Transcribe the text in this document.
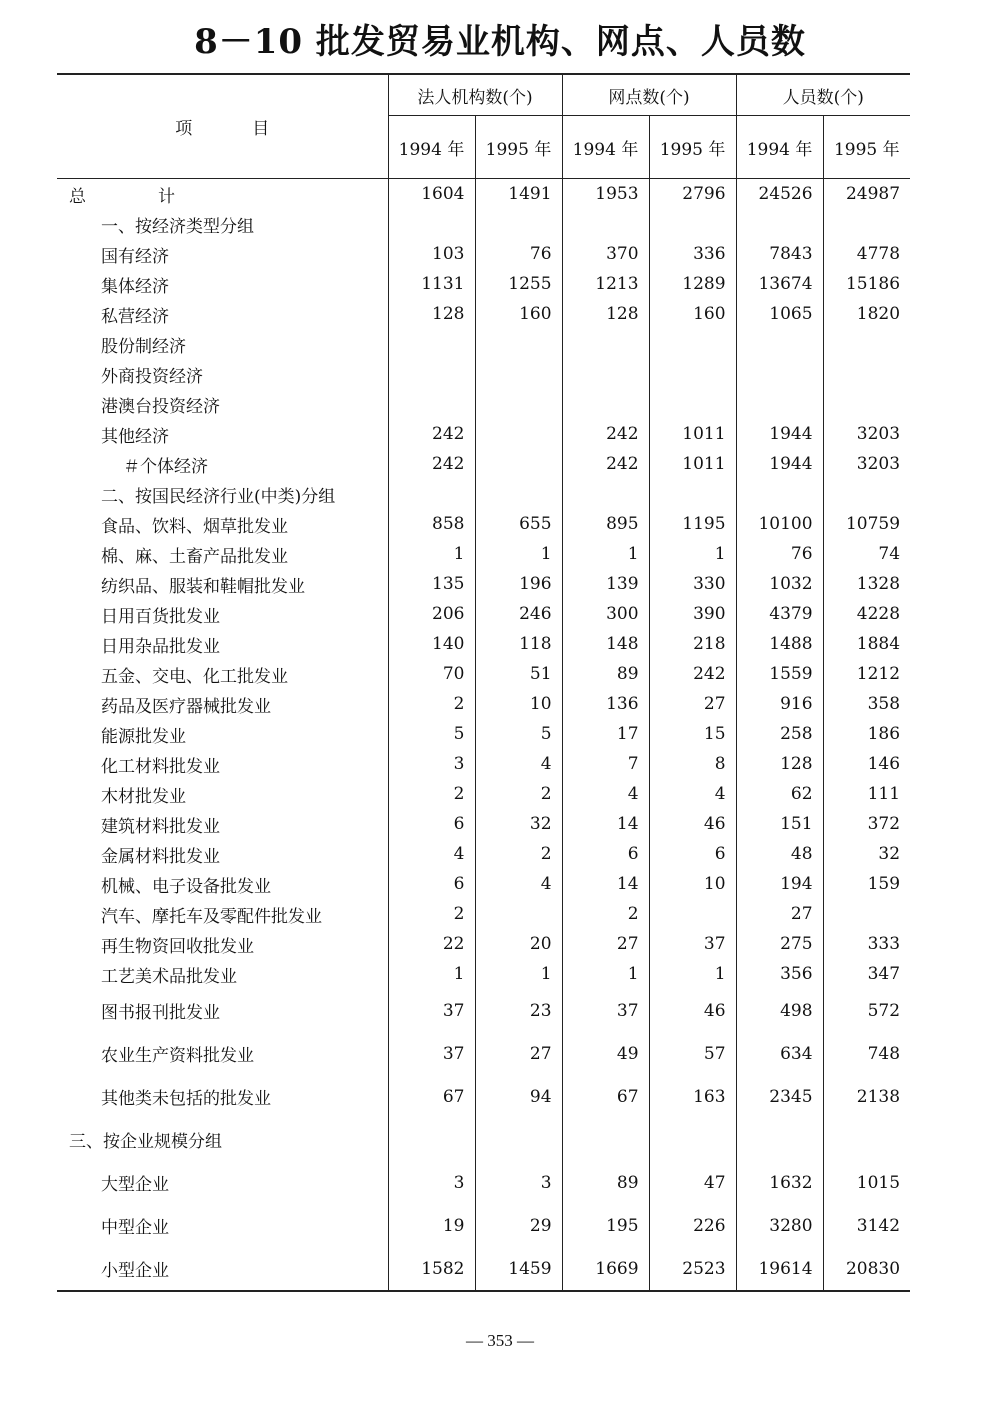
8－10 批发贸易业机构、网点、人员数
项目	法人机构数(个)		网点数(个)		人员数(个)	
	1994 年	1995 年	1994 年	1995 年	1994 年	1995 年
总计	1604	1491	1953	2796	24526	24987
一、按经济类型分组						
国有经济	103	76	370	336	7843	4778
集体经济	1131	1255	1213	1289	13674	15186
私营经济	128	160	128	160	1065	1820
股份制经济						
外商投资经济						
港澳台投资经济						
其他经济	242		242	1011	1944	3203
＃个体经济	242		242	1011	1944	3203
二、按国民经济行业(中类)分组						
食品、饮料、烟草批发业	858	655	895	1195	10100	10759
棉、麻、土畜产品批发业	1	1	1	1	76	74
纺织品、服装和鞋帽批发业	135	196	139	330	1032	1328
日用百货批发业	206	246	300	390	4379	4228
日用杂品批发业	140	118	148	218	1488	1884
五金、交电、化工批发业	70	51	89	242	1559	1212
药品及医疗器械批发业	2	10	136	27	916	358
能源批发业	5	5	17	15	258	186
化工材料批发业	3	4	7	8	128	146
木材批发业	2	2	4	4	62	111
建筑材料批发业	6	32	14	46	151	372
金属材料批发业	4	2	6	6	48	32
机械、电子设备批发业	6	4	14	10	194	159
汽车、摩托车及零配件批发业	2		2		27	
再生物资回收批发业	22	20	27	37	275	333
工艺美术品批发业	1	1	1	1	356	347
图书报刊批发业	37	23	37	46	498	572
农业生产资料批发业	37	27	49	57	634	748
其他类未包括的批发业	67	94	67	163	2345	2138
三、按企业规模分组						
大型企业	3	3	89	47	1632	1015
中型企业	19	29	195	226	3280	3142
小型企业	1582	1459	1669	2523	19614	20830
— 353 —
